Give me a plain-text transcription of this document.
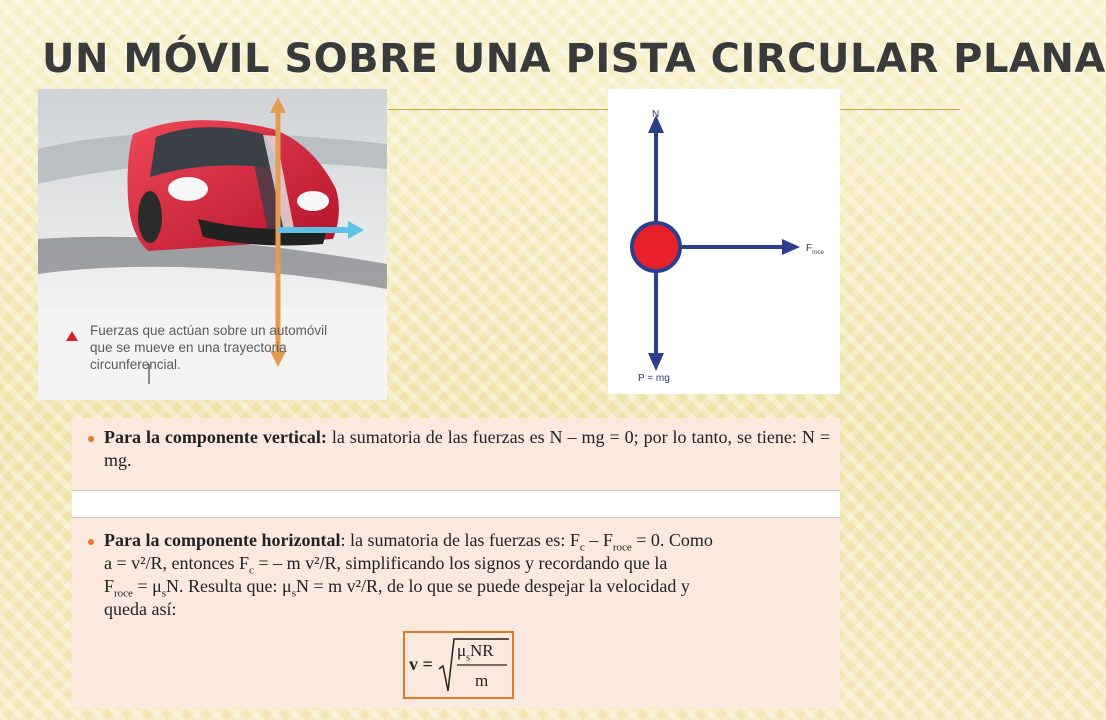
UN MÓVIL SOBRE UNA PISTA CIRCULAR PLANA
Fuerzas que actúan sobre un automóvil que se mueve en una trayectoria circunferencial.
N
$F_{roce}$
P = mg
Para la componente vertical: la sumatoria de las fuerzas es N – mg = 0; por lo tanto, se tiene: N = mg.
Para la componente horizontal: la sumatoria de las fuerzas es: $F_c - F_{roce} = 0$. Como
a = v²/R, entonces $F_c$ = – m v²/R, simplificando los signos y recordando que la
$F_{roce} = \mu_sN$. Resulta que: $\mu_sN = m$ v²/R, de lo que se puede despejar la velocidad y
queda así:
v =
$\mu_sNR$
m
